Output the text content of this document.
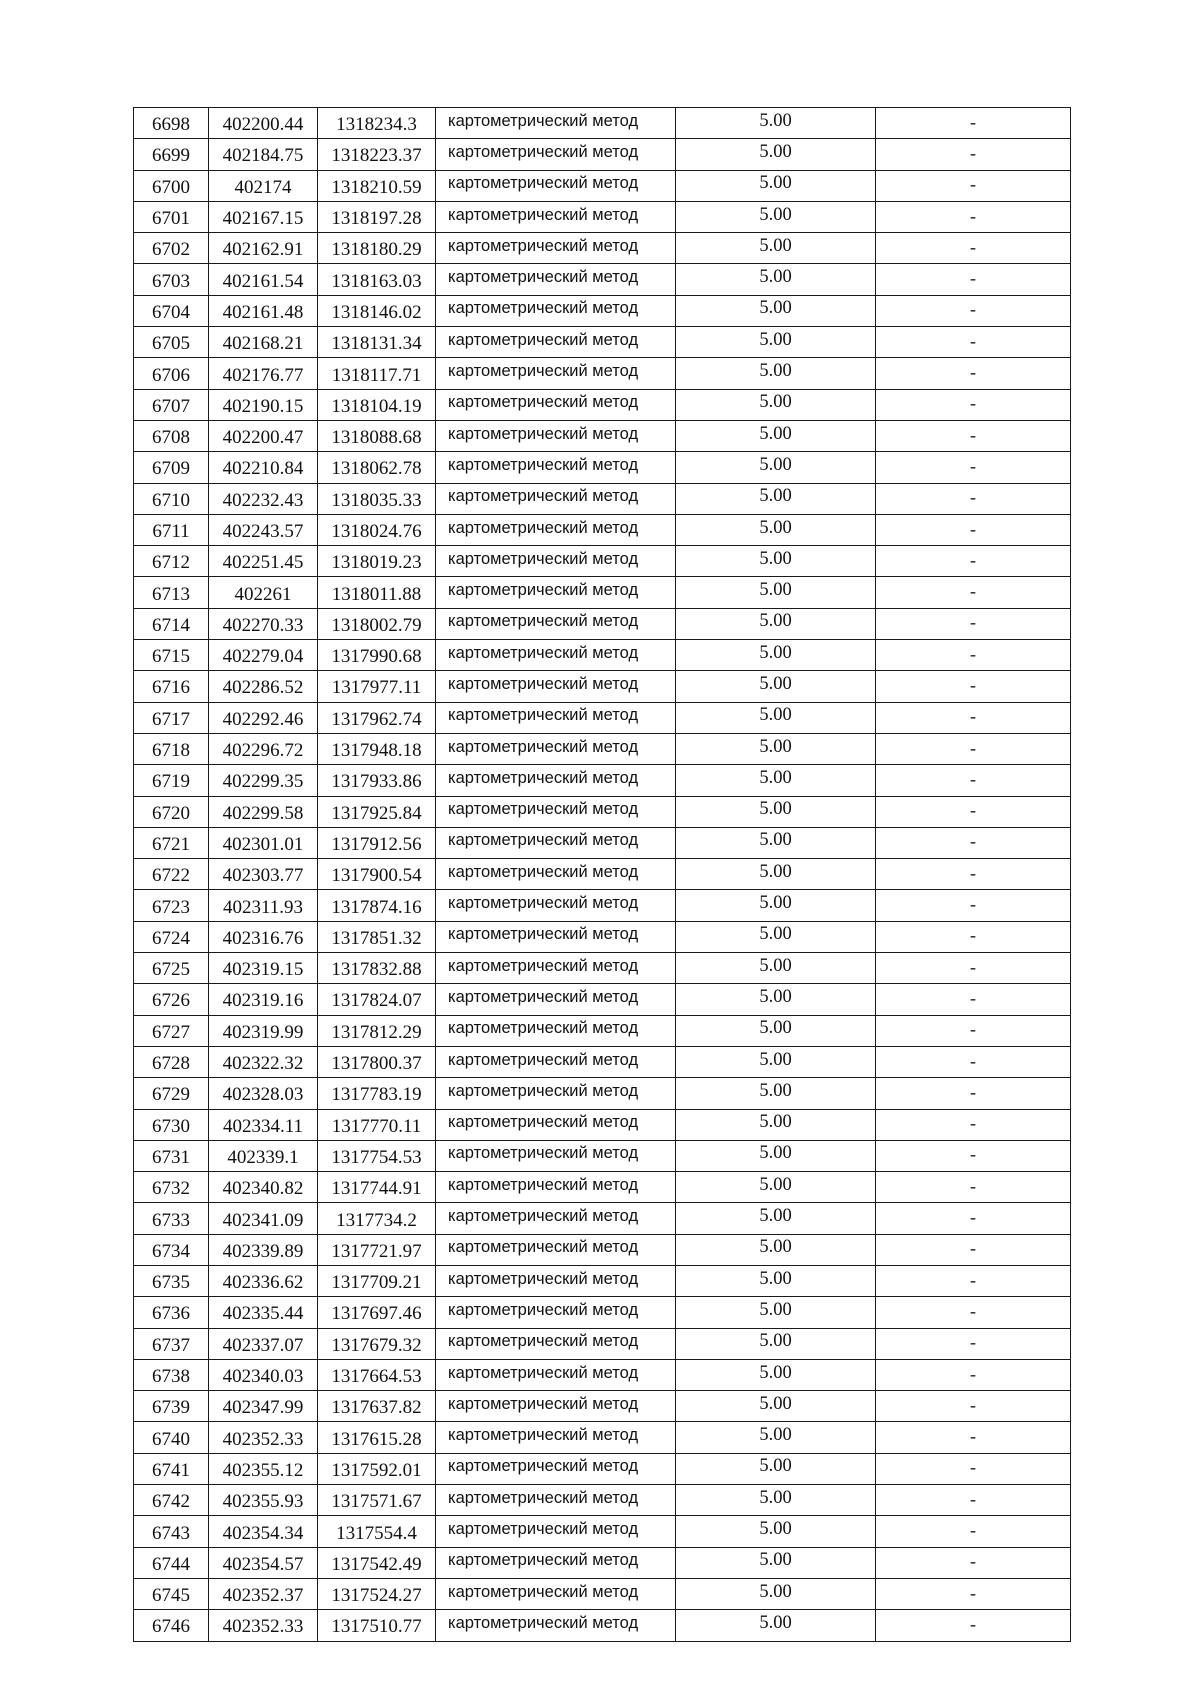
6698	402200.44	1318234.3	картометрический метод	5.00	-
6699	402184.75	1318223.37	картометрический метод	5.00	-
6700	402174	1318210.59	картометрический метод	5.00	-
6701	402167.15	1318197.28	картометрический метод	5.00	-
6702	402162.91	1318180.29	картометрический метод	5.00	-
6703	402161.54	1318163.03	картометрический метод	5.00	-
6704	402161.48	1318146.02	картометрический метод	5.00	-
6705	402168.21	1318131.34	картометрический метод	5.00	-
6706	402176.77	1318117.71	картометрический метод	5.00	-
6707	402190.15	1318104.19	картометрический метод	5.00	-
6708	402200.47	1318088.68	картометрический метод	5.00	-
6709	402210.84	1318062.78	картометрический метод	5.00	-
6710	402232.43	1318035.33	картометрический метод	5.00	-
6711	402243.57	1318024.76	картометрический метод	5.00	-
6712	402251.45	1318019.23	картометрический метод	5.00	-
6713	402261	1318011.88	картометрический метод	5.00	-
6714	402270.33	1318002.79	картометрический метод	5.00	-
6715	402279.04	1317990.68	картометрический метод	5.00	-
6716	402286.52	1317977.11	картометрический метод	5.00	-
6717	402292.46	1317962.74	картометрический метод	5.00	-
6718	402296.72	1317948.18	картометрический метод	5.00	-
6719	402299.35	1317933.86	картометрический метод	5.00	-
6720	402299.58	1317925.84	картометрический метод	5.00	-
6721	402301.01	1317912.56	картометрический метод	5.00	-
6722	402303.77	1317900.54	картометрический метод	5.00	-
6723	402311.93	1317874.16	картометрический метод	5.00	-
6724	402316.76	1317851.32	картометрический метод	5.00	-
6725	402319.15	1317832.88	картометрический метод	5.00	-
6726	402319.16	1317824.07	картометрический метод	5.00	-
6727	402319.99	1317812.29	картометрический метод	5.00	-
6728	402322.32	1317800.37	картометрический метод	5.00	-
6729	402328.03	1317783.19	картометрический метод	5.00	-
6730	402334.11	1317770.11	картометрический метод	5.00	-
6731	402339.1	1317754.53	картометрический метод	5.00	-
6732	402340.82	1317744.91	картометрический метод	5.00	-
6733	402341.09	1317734.2	картометрический метод	5.00	-
6734	402339.89	1317721.97	картометрический метод	5.00	-
6735	402336.62	1317709.21	картометрический метод	5.00	-
6736	402335.44	1317697.46	картометрический метод	5.00	-
6737	402337.07	1317679.32	картометрический метод	5.00	-
6738	402340.03	1317664.53	картометрический метод	5.00	-
6739	402347.99	1317637.82	картометрический метод	5.00	-
6740	402352.33	1317615.28	картометрический метод	5.00	-
6741	402355.12	1317592.01	картометрический метод	5.00	-
6742	402355.93	1317571.67	картометрический метод	5.00	-
6743	402354.34	1317554.4	картометрический метод	5.00	-
6744	402354.57	1317542.49	картометрический метод	5.00	-
6745	402352.37	1317524.27	картометрический метод	5.00	-
6746	402352.33	1317510.77	картометрический метод	5.00	-
